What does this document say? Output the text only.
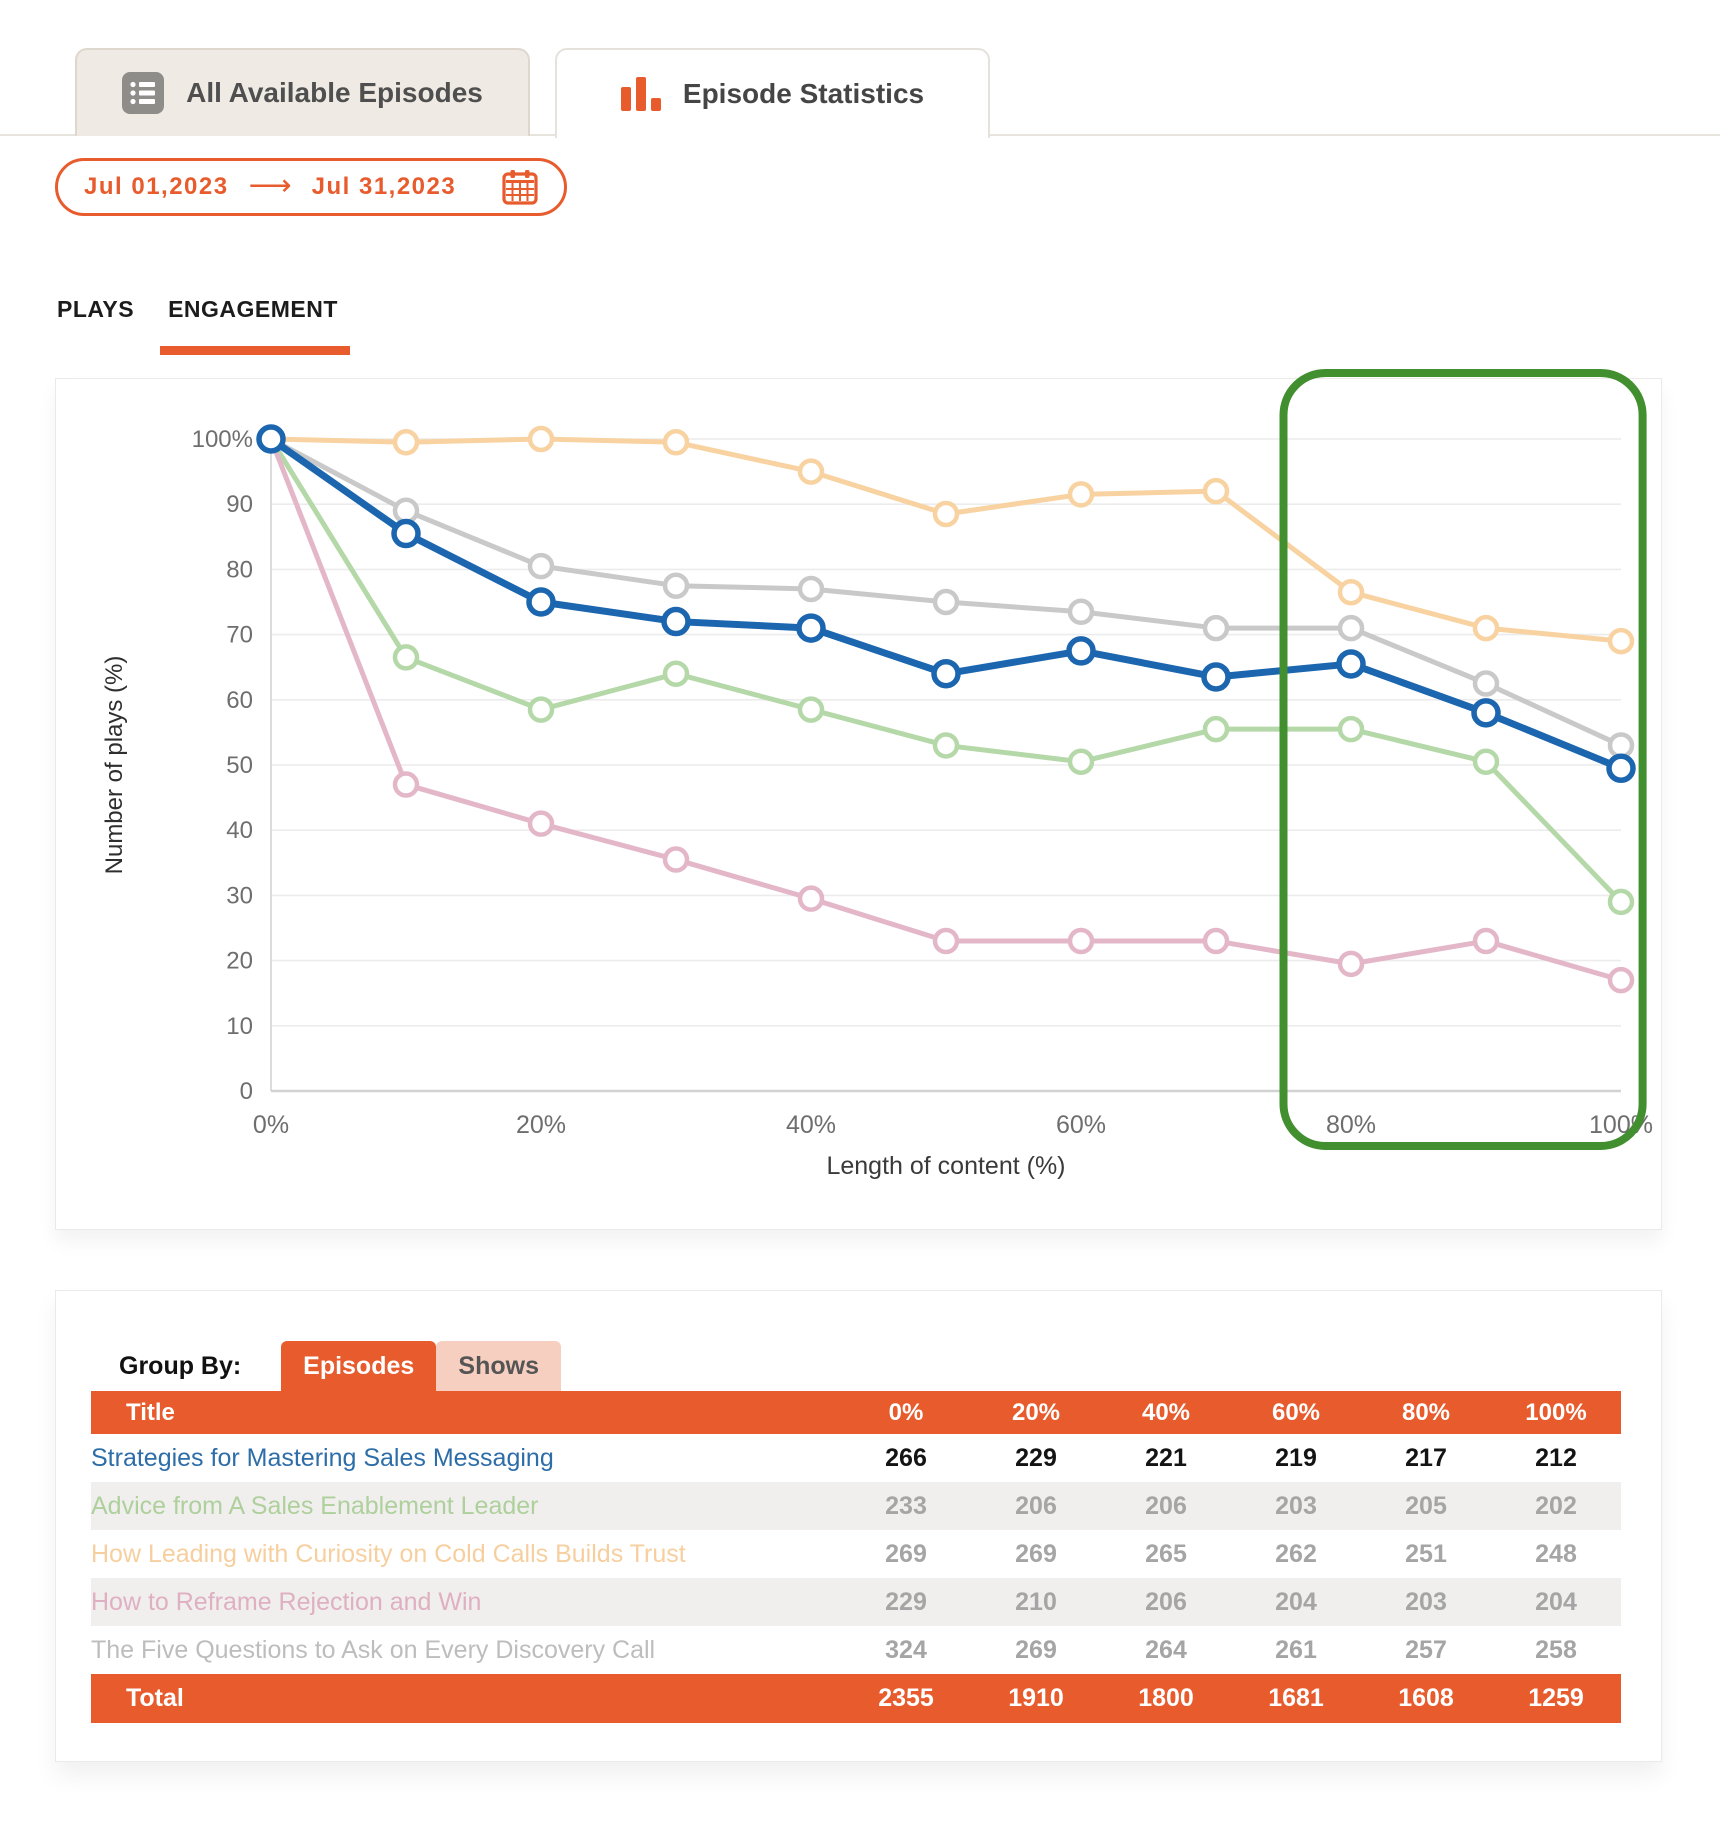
All Available Episodes	Episode Statistics
Jul 01,2023 ⟶ Jul 31,2023
PLAYS ENGAGEMENT
100%
90
80
70
60
50
40
30
20
10
0
0%	20%	40%	60%	80%	100%
Length of content (%)
Number of plays (%)
Group By:	Episodes	Shows
Title	0%	20%	40%	60%	80%	100%
Strategies for Mastering Sales Messaging	266	229	221	219	217	212
Advice from A Sales Enablement Leader	233	206	206	203	205	202
How Leading with Curiosity on Cold Calls Builds Trust	269	269	265	262	251	248
How to Reframe Rejection and Win	229	210	206	204	203	204
The Five Questions to Ask on Every Discovery Call	324	269	264	261	257	258
Total	2355	1910	1800	1681	1608	1259
